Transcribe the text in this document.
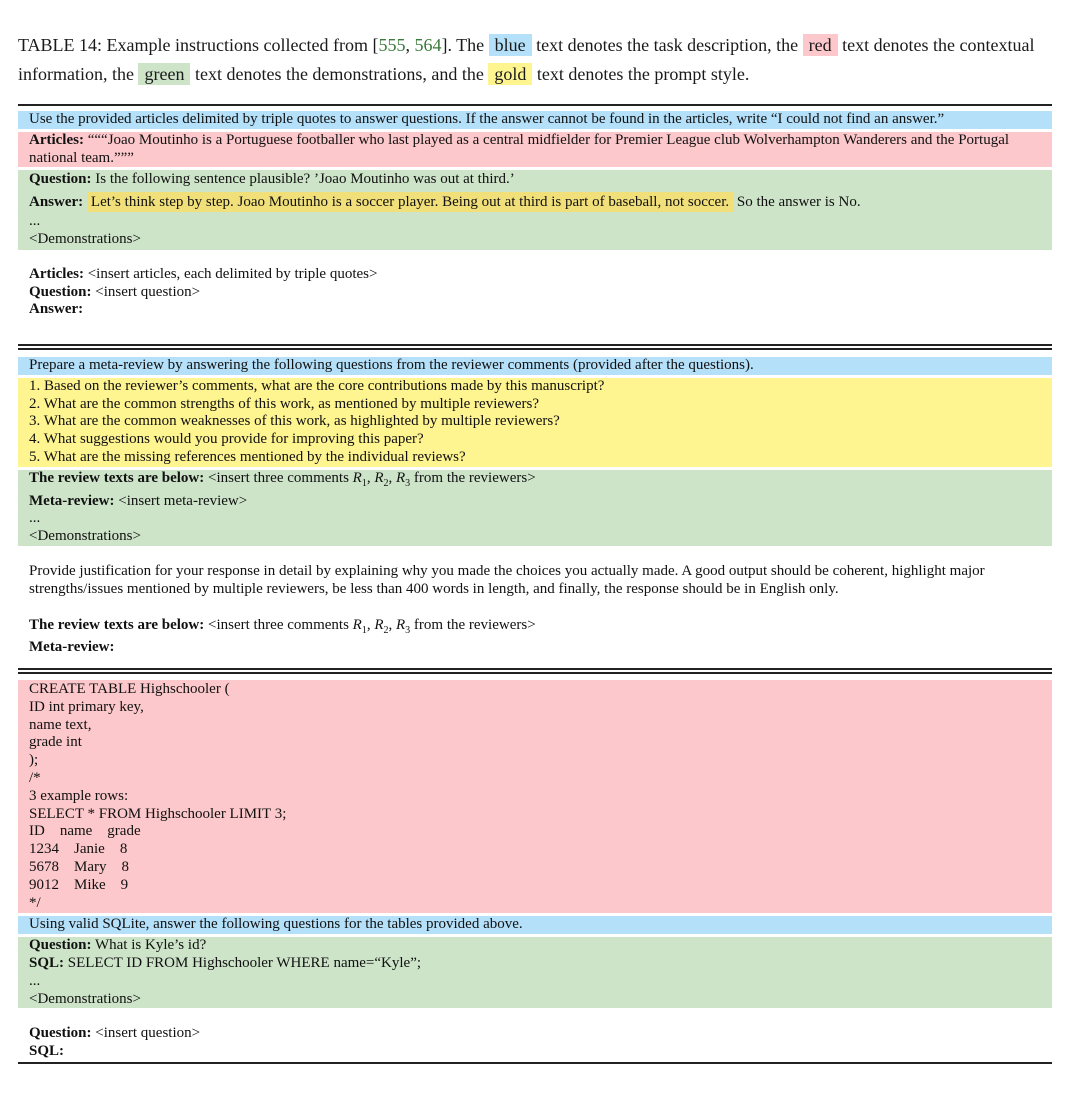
TABLE 14: Example instructions collected from [555, 564]. The blue text denotes the task description, the red text denotes the contextual information, the green text denotes the demonstrations, and the gold text denotes the prompt style.
Use the provided articles delimited by triple quotes to answer questions. If the answer cannot be found in the articles, write “I could not find an answer.”
Articles: “““Joao Moutinho is a Portuguese footballer who last played as a central midfielder for Premier League club Wolverhampton Wanderers and the Portugal national team.”””
Question: Is the following sentence plausible? ’Joao Moutinho was out at third.’
Answer: Let’s think step by step. Joao Moutinho is a soccer player. Being out at third is part of baseball, not soccer. So the answer is No.
...
<Demonstrations>
Articles: <insert articles, each delimited by triple quotes>
Question: <insert question>
Answer:
Prepare a meta-review by answering the following questions from the reviewer comments (provided after the questions).
1. Based on the reviewer’s comments, what are the core contributions made by this manuscript?
2. What are the common strengths of this work, as mentioned by multiple reviewers?
3. What are the common weaknesses of this work, as highlighted by multiple reviewers?
4. What suggestions would you provide for improving this paper?
5. What are the missing references mentioned by the individual reviews?
The review texts are below: <insert three comments $R_1$, $R_2$, $R_3$ from the reviewers>
Meta-review: <insert meta-review>
...
<Demonstrations>
Provide justification for your response in detail by explaining why you made the choices you actually made. A good output should be coherent, highlight major strengths/issues mentioned by multiple reviewers, be less than 400 words in length, and finally, the response should be in English only.
The review texts are below: <insert three comments $R_1$, $R_2$, $R_3$ from the reviewers>
Meta-review:
CREATE TABLE Highschooler (
ID int primary key,
name text,
grade int
);
/*
3 example rows:
SELECT * FROM Highschooler LIMIT 3;
ID    name    grade
1234    Janie    8
5678    Mary    8
9012    Mike    9
*/
Using valid SQLite, answer the following questions for the tables provided above.
Question: What is Kyle’s id?
SQL: SELECT ID FROM Highschooler WHERE name=“Kyle”;
...
<Demonstrations>
Question: <insert question>
SQL:
